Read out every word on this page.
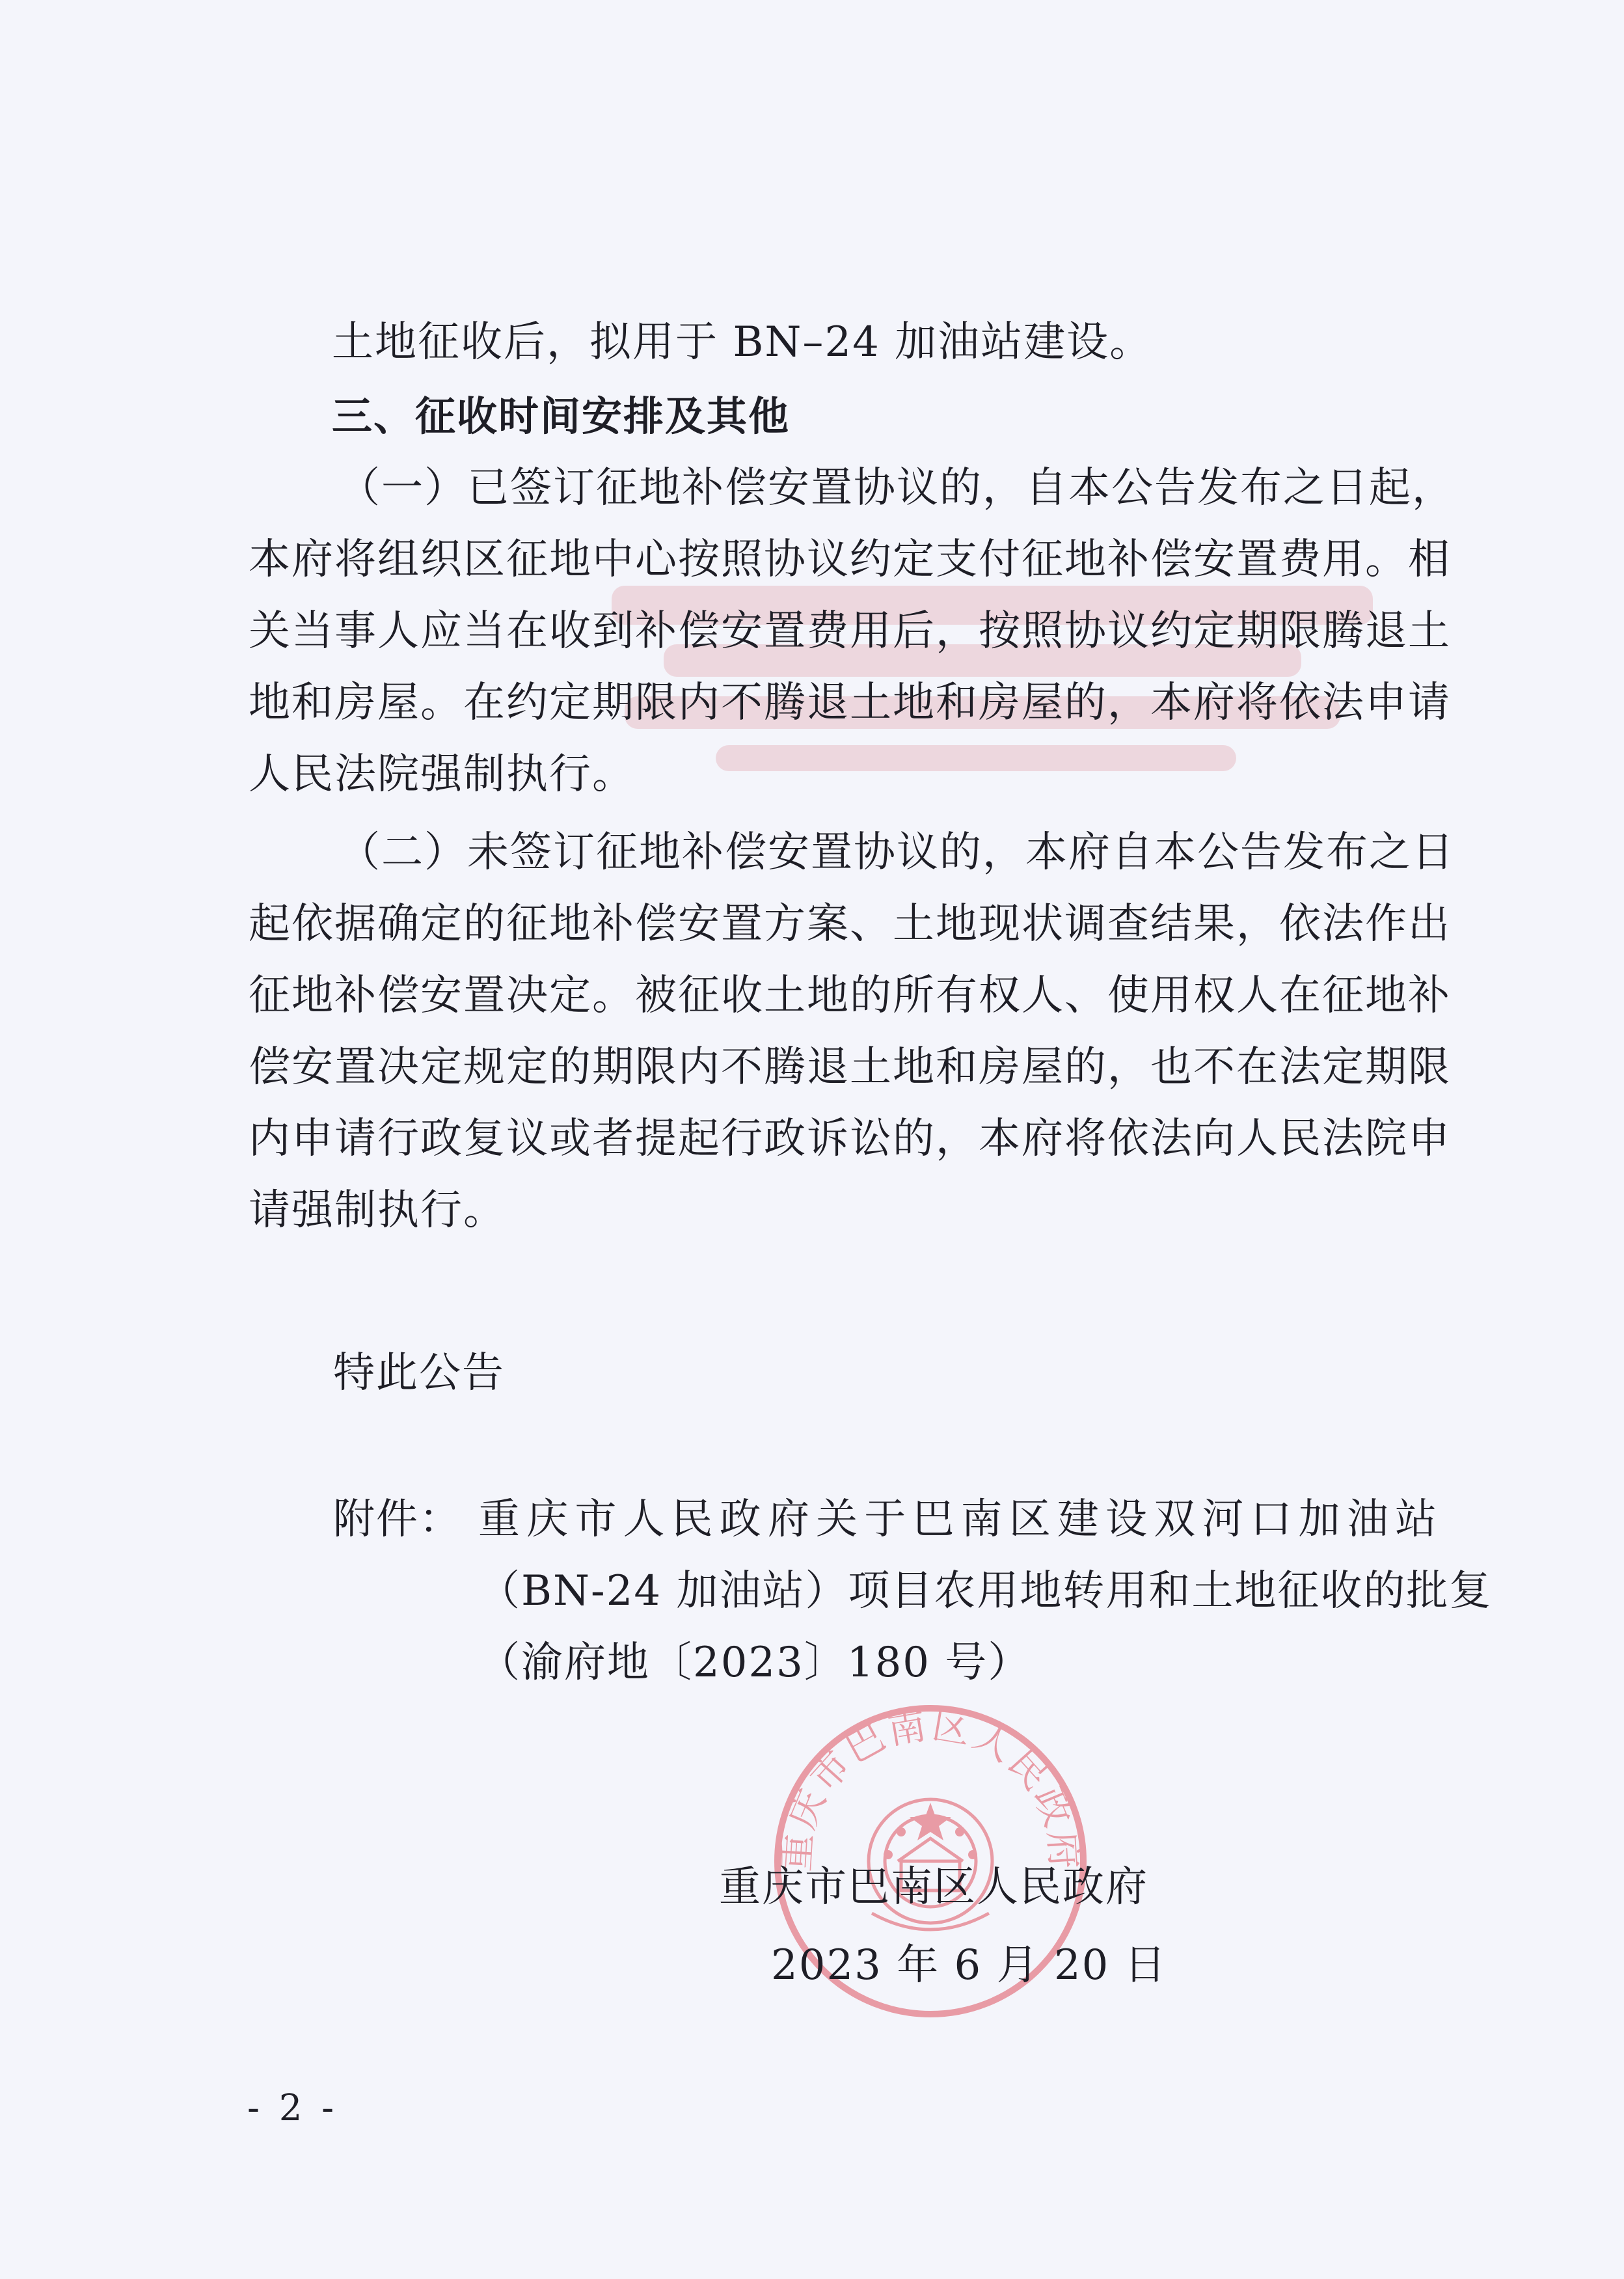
土地征收后，拟用于 BN–24 加油站建设。
三、征收时间安排及其他
（一）已签订征地补偿安置协议的，自本公告发布之日起，
本府将组织区征地中心按照协议约定支付征地补偿安置费用。相
关当事人应当在收到补偿安置费用后，按照协议约定期限腾退土
地和房屋。在约定期限内不腾退土地和房屋的，本府将依法申请
人民法院强制执行。
（二）未签订征地补偿安置协议的，本府自本公告发布之日
起依据确定的征地补偿安置方案、土地现状调查结果，依法作出
征地补偿安置决定。被征收土地的所有权人、使用权人在征地补
偿安置决定规定的期限内不腾退土地和房屋的，也不在法定期限
内申请行政复议或者提起行政诉讼的，本府将依法向人民法院申
请强制执行。
特此公告
附件： 重庆市人民政府关于巴南区建设双河口加油站
（BN-24 加油站）项目农用地转用和土地征收的批复
（渝府地〔2023〕180 号）
重庆市巴南区人民政府
重庆市巴南区人民政府
2023 年 6 月 20 日
- 2 -
